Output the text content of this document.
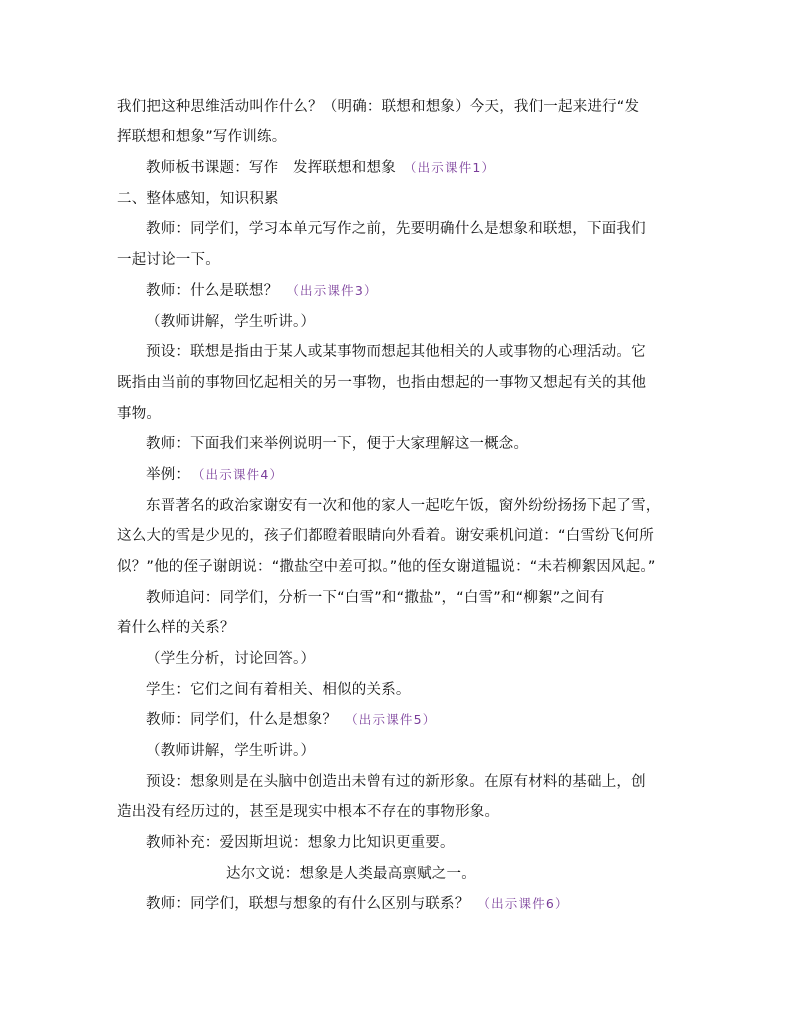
我们把这种思维活动叫作什么？（明确：联想和想象）今天，我们一起来进行“发
挥联想和想象”写作训练。
教师板书课题：写作　发挥联想和想象 （出示课件1）
二、整体感知，知识积累
教师：同学们，学习本单元写作之前，先要明确什么是想象和联想，下面我们
一起讨论一下。
教师：什么是联想？ （出示课件3）
（教师讲解，学生听讲。）
预设：联想是指由于某人或某事物而想起其他相关的人或事物的心理活动。它
既指由当前的事物回忆起相关的另一事物，也指由想起的一事物又想起有关的其他
事物。
教师：下面我们来举例说明一下，便于大家理解这一概念。
举例： （出示课件4）
东晋著名的政治家谢安有一次和他的家人一起吃午饭，窗外纷纷扬扬下起了雪，
这么大的雪是少见的，孩子们都瞪着眼睛向外看着。谢安乘机问道：“白雪纷飞何所
似？”他的侄子谢朗说：“撒盐空中差可拟。”他的侄女谢道韫说：“未若柳絮因风起。”
教师追问：同学们，分析一下“白雪”和“撒盐”，“白雪”和“柳絮”之间有
着什么样的关系？
（学生分析，讨论回答。）
学生：它们之间有着相关、相似的关系。
教师：同学们，什么是想象？ （出示课件5）
（教师讲解，学生听讲。）
预设：想象则是在头脑中创造出未曾有过的新形象。在原有材料的基础上，创
造出没有经历过的，甚至是现实中根本不存在的事物形象。
教师补充：爱因斯坦说：想象力比知识更重要。
达尔文说：想象是人类最高禀赋之一。
教师：同学们，联想与想象的有什么区别与联系？ （出示课件6）
